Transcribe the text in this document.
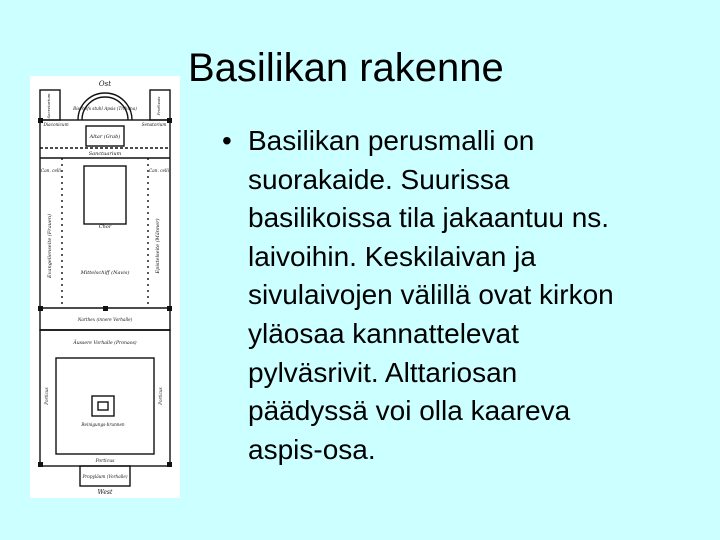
Basilikan rakenne
Ost
Secretarium	Prothesis
Bischofs stuhl Apsis (Tribuna)
Diaconicum
Altar (Grab)
Senatorium
Sanctuarium
Can. celli	Can. celli
Chor
Evangelienseite (Frauen)	Epistelseite (Männer)
Mittelschiff (Navis)
Narthex (innere Vorhalle)
Äussere Vorhalle (Pronaos)
Porticus	Porticus
Reinigungs-brunnen
Porticus
Propyläum (Vorhalle)
West
• Basilikan perusmalli on
suorakaide. Suurissa
basilikoissa tila jakaantuu ns.
laivoihin. Keskilaivan ja
sivulaivojen välillä ovat kirkon
yläosaa kannattelevat
pylväsrivit. Alttariosan
päädyssä voi olla kaareva
aspis-osa.
